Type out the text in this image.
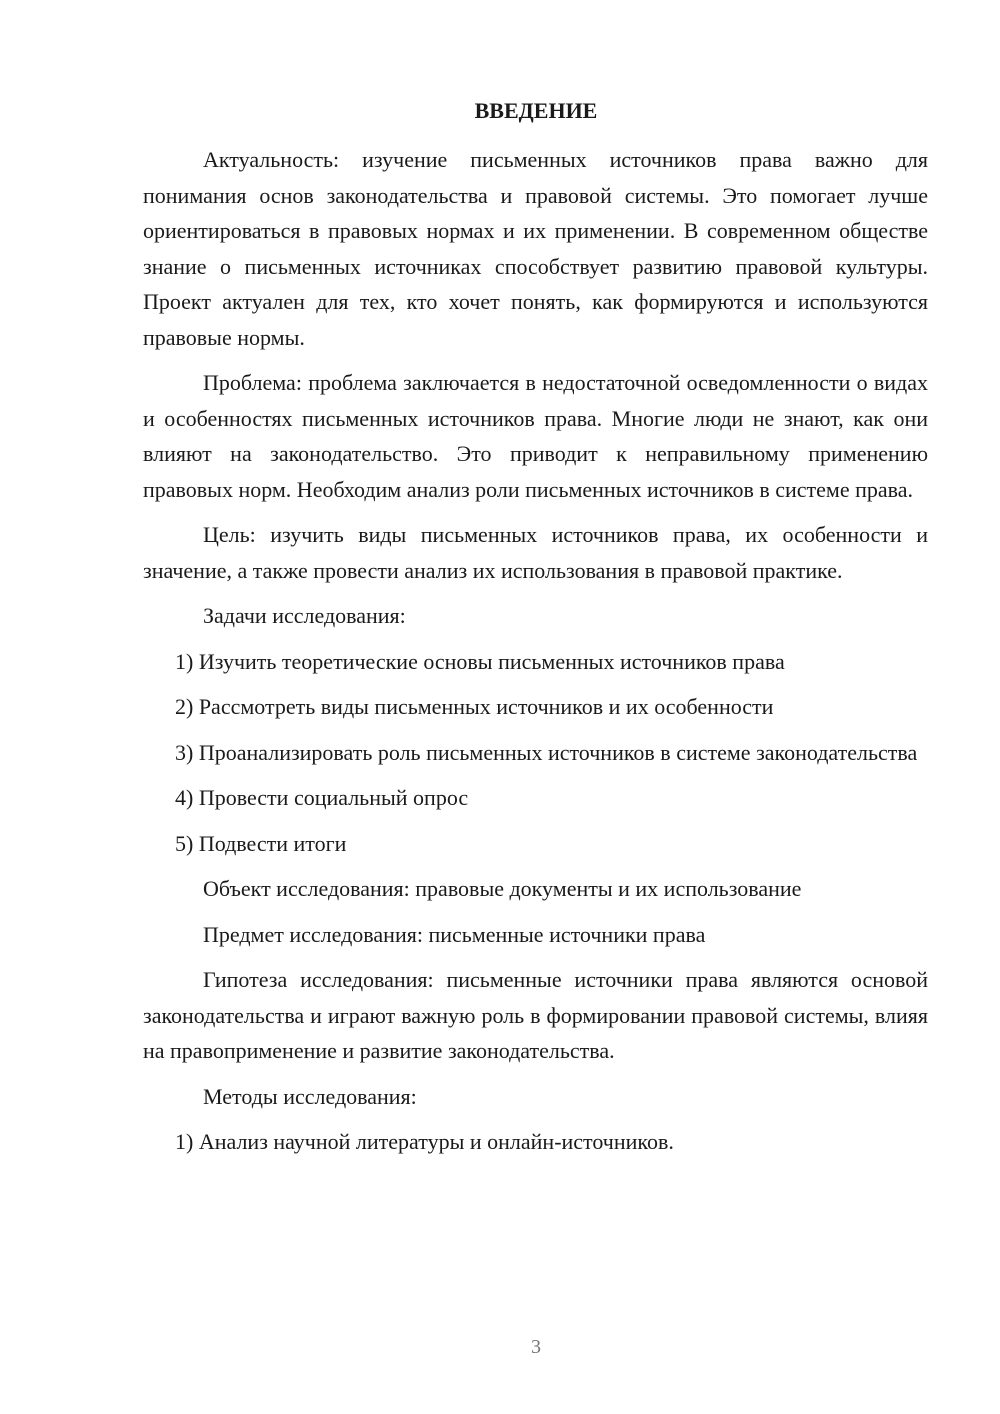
ВВЕДЕНИЕ

Актуальность: изучение письменных источников права важно для понимания основ законодательства и правовой системы. Это помогает лучше ориентироваться в правовых нормах и их применении. В современном обществе знание о письменных источниках способствует развитию правовой культуры. Проект актуален для тех, кто хочет понять, как формируются и используются правовые нормы.

Проблема: проблема заключается в недостаточной осведомленности о видах и особенностях письменных источников права. Многие люди не знают, как они влияют на законодательство. Это приводит к неправильному применению правовых норм. Необходим анализ роли письменных источников в системе права.

Цель: изучить виды письменных источников права, их особенности и значение, а также провести анализ их использования в правовой практике.

Задачи исследования:

1) Изучить теоретические основы письменных источников права

2) Рассмотреть виды письменных источников и их особенности

3) Проанализировать роль письменных источников в системе законодательства

4) Провести социальный опрос

5) Подвести итоги

Объект исследования: правовые документы и их использование

Предмет исследования: письменные источники права

Гипотеза исследования: письменные источники права являются основой законодательства и играют важную роль в формировании правовой системы, влияя на правоприменение и развитие законодательства.

Методы исследования:

1) Анализ научной литературы и онлайн-источников.

3
